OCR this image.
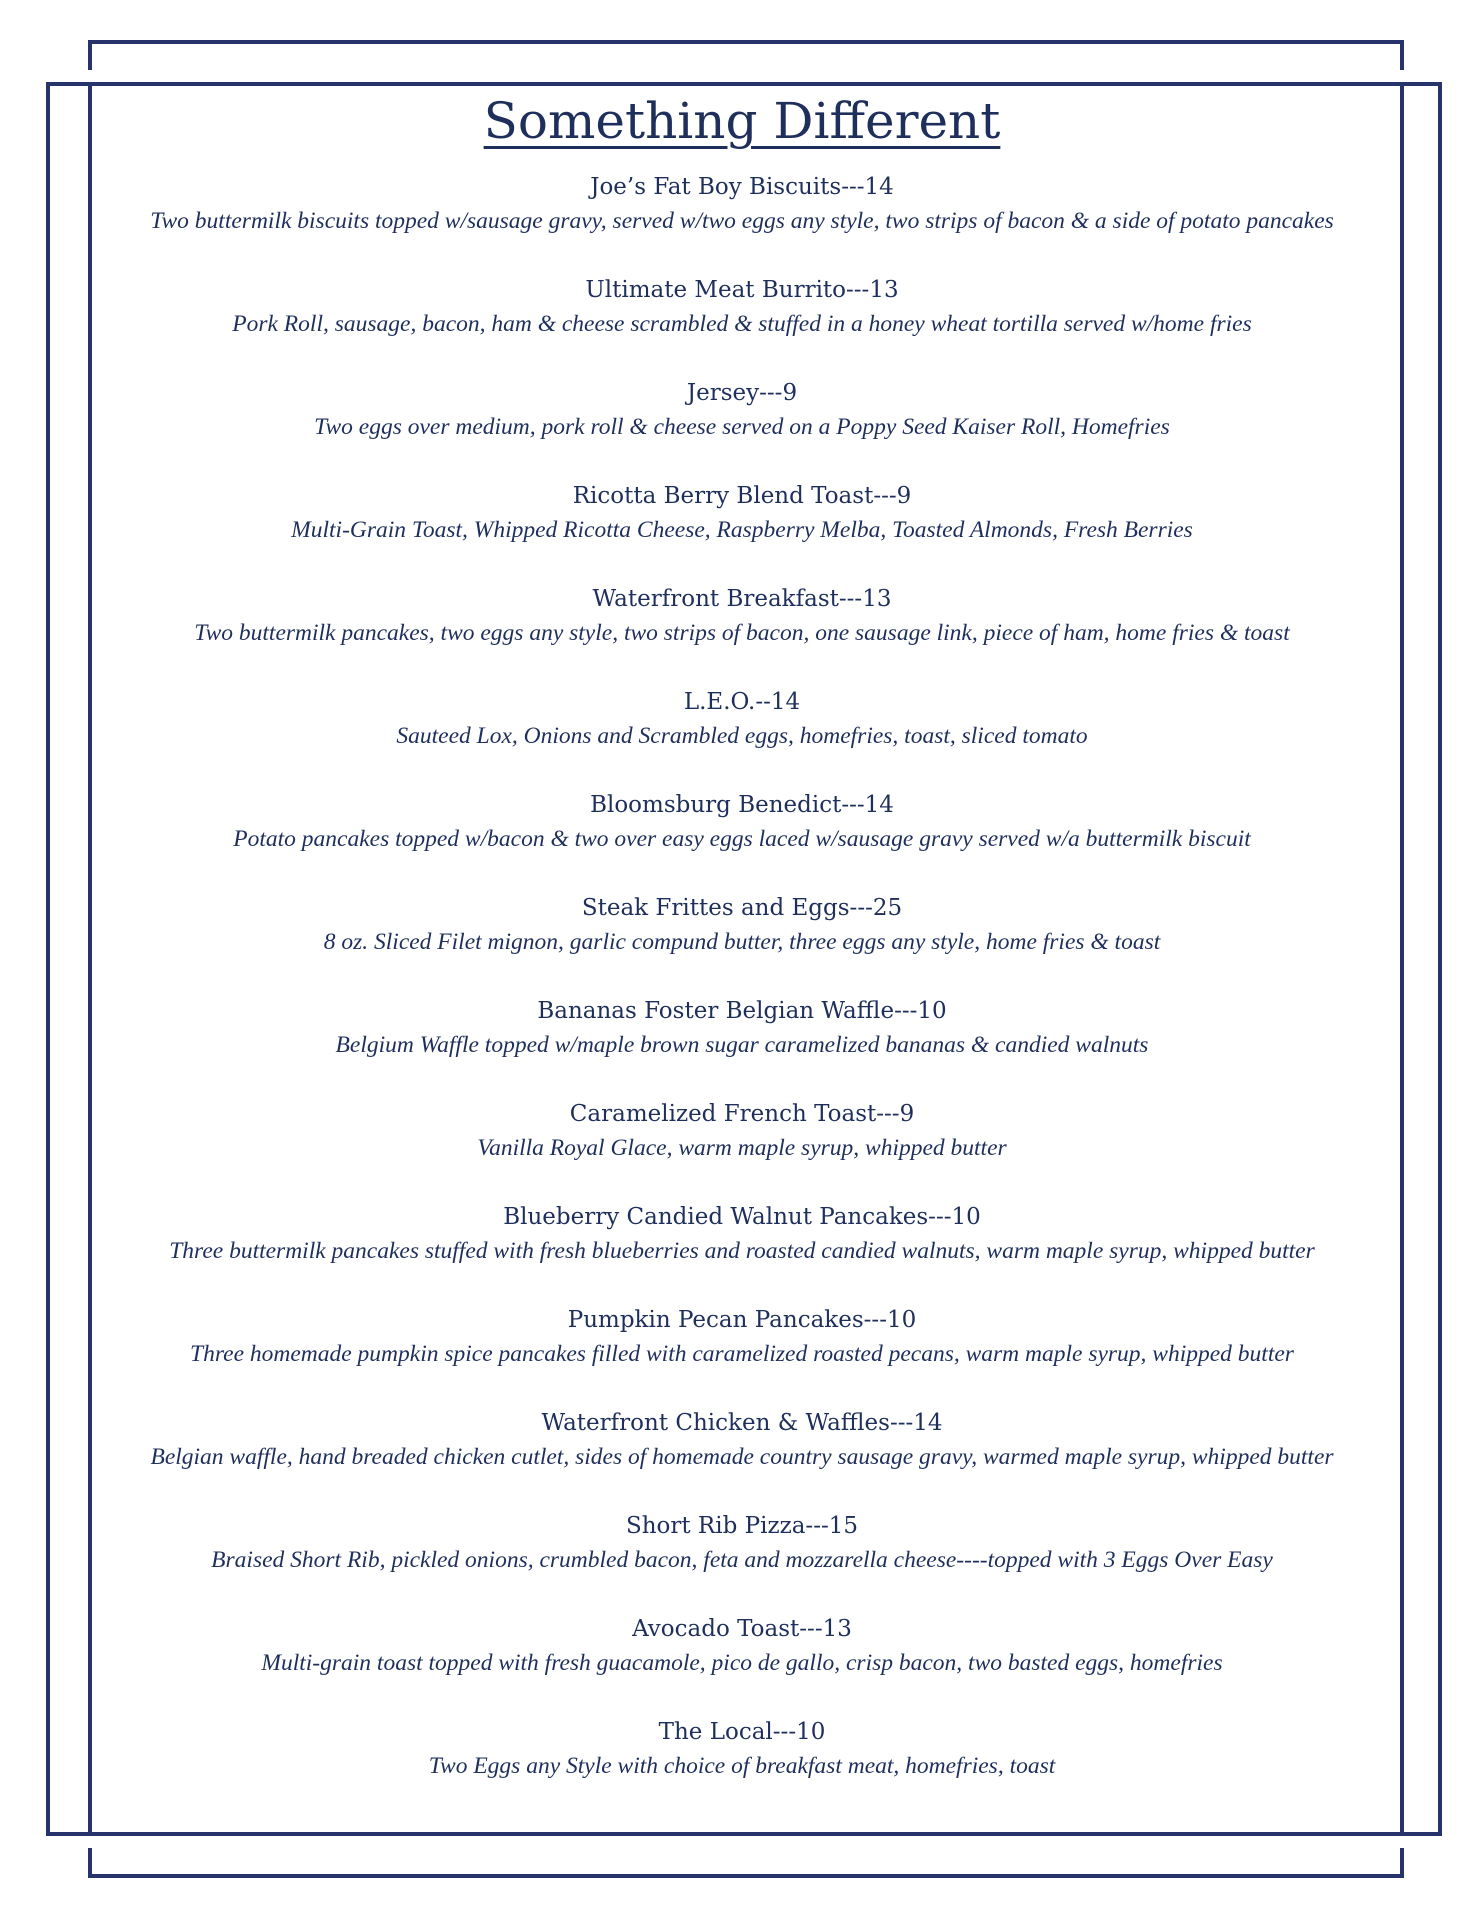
Something Different
Joe’s Fat Boy Biscuits---14
Two buttermilk biscuits topped w/sausage gravy, served w/two eggs any style, two strips of bacon & a side of potato pancakes
Ultimate Meat Burrito---13
Pork Roll, sausage, bacon, ham & cheese scrambled & stuffed in a honey wheat tortilla served w/home fries
Jersey---9
Two eggs over medium, pork roll & cheese served on a Poppy Seed Kaiser Roll, Homefries
Ricotta Berry Blend Toast---9
Multi-Grain Toast, Whipped Ricotta Cheese, Raspberry Melba, Toasted Almonds, Fresh Berries
Waterfront Breakfast---13
Two buttermilk pancakes, two eggs any style, two strips of bacon, one sausage link, piece of ham, home fries & toast
L.E.O.--14
Sauteed Lox, Onions and Scrambled eggs, homefries, toast, sliced tomato
Bloomsburg Benedict---14
Potato pancakes topped w/bacon & two over easy eggs laced w/sausage gravy served w/a buttermilk biscuit
Steak Frittes and Eggs---25
8 oz. Sliced Filet mignon, garlic compund butter, three eggs any style, home fries & toast
Bananas Foster Belgian Waffle---10
Belgium Waffle topped w/maple brown sugar caramelized bananas & candied walnuts
Caramelized French Toast---9
Vanilla Royal Glace, warm maple syrup, whipped butter
Blueberry Candied Walnut Pancakes---10
Three buttermilk pancakes stuffed with fresh blueberries and roasted candied walnuts, warm maple syrup, whipped butter
Pumpkin Pecan Pancakes---10
Three homemade pumpkin spice pancakes filled with caramelized roasted pecans, warm maple syrup, whipped butter
Waterfront Chicken & Waffles---14
Belgian waffle, hand breaded chicken cutlet, sides of homemade country sausage gravy, warmed maple syrup, whipped butter
Short Rib Pizza---15
Braised Short Rib, pickled onions, crumbled bacon, feta and mozzarella cheese----topped with 3 Eggs Over Easy
Avocado Toast---13
Multi-grain toast topped with fresh guacamole, pico de gallo, crisp bacon, two basted eggs, homefries
The Local---10
Two Eggs any Style with choice of breakfast meat, homefries, toast
